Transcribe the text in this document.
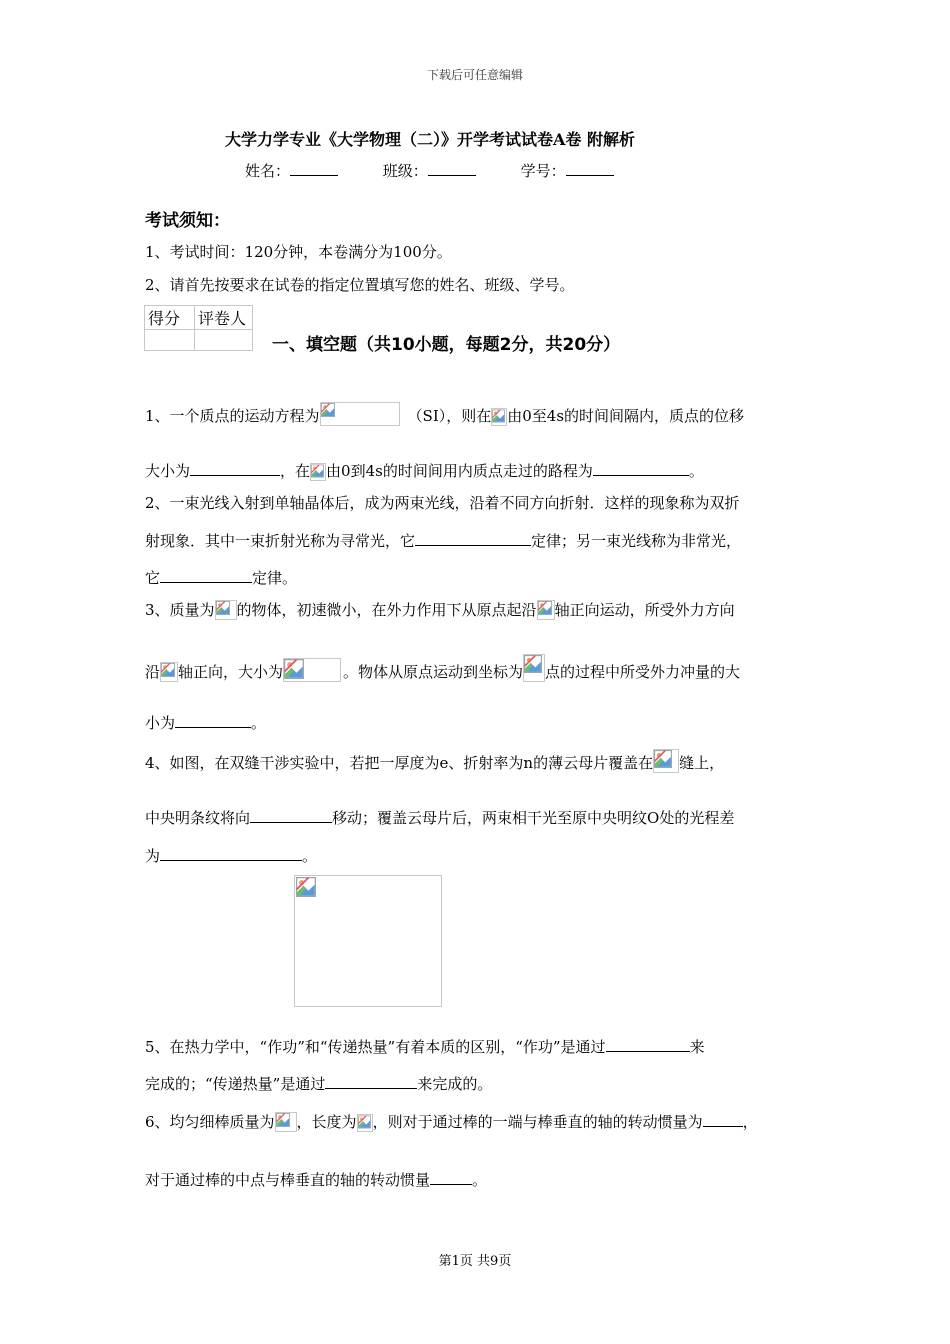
下载后可任意编辑
大学力学专业《大学物理（二）》开学考试试卷A卷 附解析
姓名：	班级：	学号：
考试须知：
1、考试时间：120分钟，本卷满分为100分。
2、请首先按要求在试卷的指定位置填写您的姓名、班级、学号。
得分	评卷人

一、填空题（共10小题，每题2分，共20分）
1、一个质点的运动方程为	（SI），则在 由0至4s的时间间隔内，质点的位移
大小为	，在 由0到4s的时间间用内质点走过的路程为	。
2、一束光线入射到单轴晶体后，成为两束光线，沿着不同方向折射．这样的现象称为双折
射现象．其中一束折射光称为寻常光，它	定律；另一束光线称为非常光，
它	定律。
3、质量为 的物体，初速微小，在外力作用下从原点起沿 轴正向运动，所受外力方向
沿 轴正向，大小为	。物体从原点运动到坐标为 点的过程中所受外力冲量的大
小为	。
4、如图，在双缝干涉实验中，若把一厚度为e、折射率为n的薄云母片覆盖在 缝上，
中央明条纹将向	移动；覆盖云母片后，两束相干光至原中央明纹O处的光程差
为	。
5、在热力学中，“作功”和“传递热量”有着本质的区别，“作功”是通过	来
完成的；“传递热量”是通过	来完成的。
6、均匀细棒质量为 ，长度为 ，则对于通过棒的一端与棒垂直的轴的转动惯量为	，
对于通过棒的中点与棒垂直的轴的转动惯量	。
第1页 共9页
